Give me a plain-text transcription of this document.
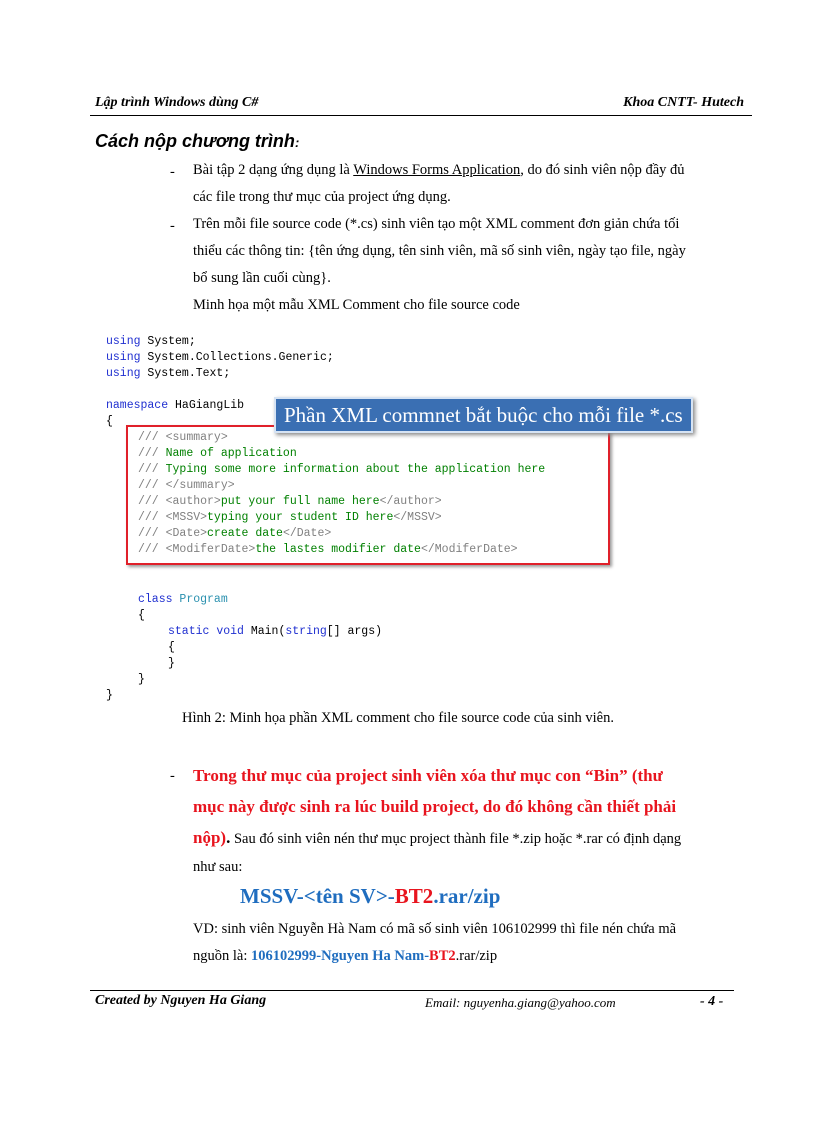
Lập trình Windows dùng C#	Khoa CNTT- Hutech
Cách nộp chương trình:
- Bài tập 2 dạng ứng dụng là Windows Forms Application, do đó sinh viên nộp đầy đủ
các file trong thư mục của project ứng dụng.
- Trên mỗi file source code (*.cs) sinh viên tạo một XML comment đơn giản chứa tối
thiểu các thông tin: {tên ứng dụng, tên sinh viên, mã số sinh viên, ngày tạo file, ngày
bổ sung lần cuối cùng}.
Minh họa một mẫu XML Comment cho file source code
using System;
using System.Collections.Generic;
using System.Text;
namespace HaGiangLib
{
/// <summary>
/// Name of application
/// Typing some more information about the application here
/// </summary>
/// <author>put your full name here</author>
/// <MSSV>typing your student ID here</MSSV>
/// <Date>create date</Date>
/// <ModiferDate>the lastes modifier date</ModiferDate>
Phần XML commnet bắt buộc cho mỗi file *.cs
class Program
{
static void Main(string[] args)
{
}
}
}
Hình 2: Minh họa phần XML comment cho file source code của sinh viên.
- Trong thư mục của project sinh viên xóa thư mục con “Bin” (thư
mục này được sinh ra lúc build project, do đó không cần thiết phải
nộp). Sau đó sinh viên nén thư mục project thành file *.zip hoặc *.rar có định dạng
như sau:
MSSV-<tên SV>-BT2.rar/zip
VD: sinh viên Nguyễn Hà Nam có mã số sinh viên 106102999 thì file nén chứa mã
nguồn là: 106102999-Nguyen Ha Nam-BT2.rar/zip
Created by Nguyen Ha Giang	Email: nguyenha.giang@yahoo.com	- 4 -
